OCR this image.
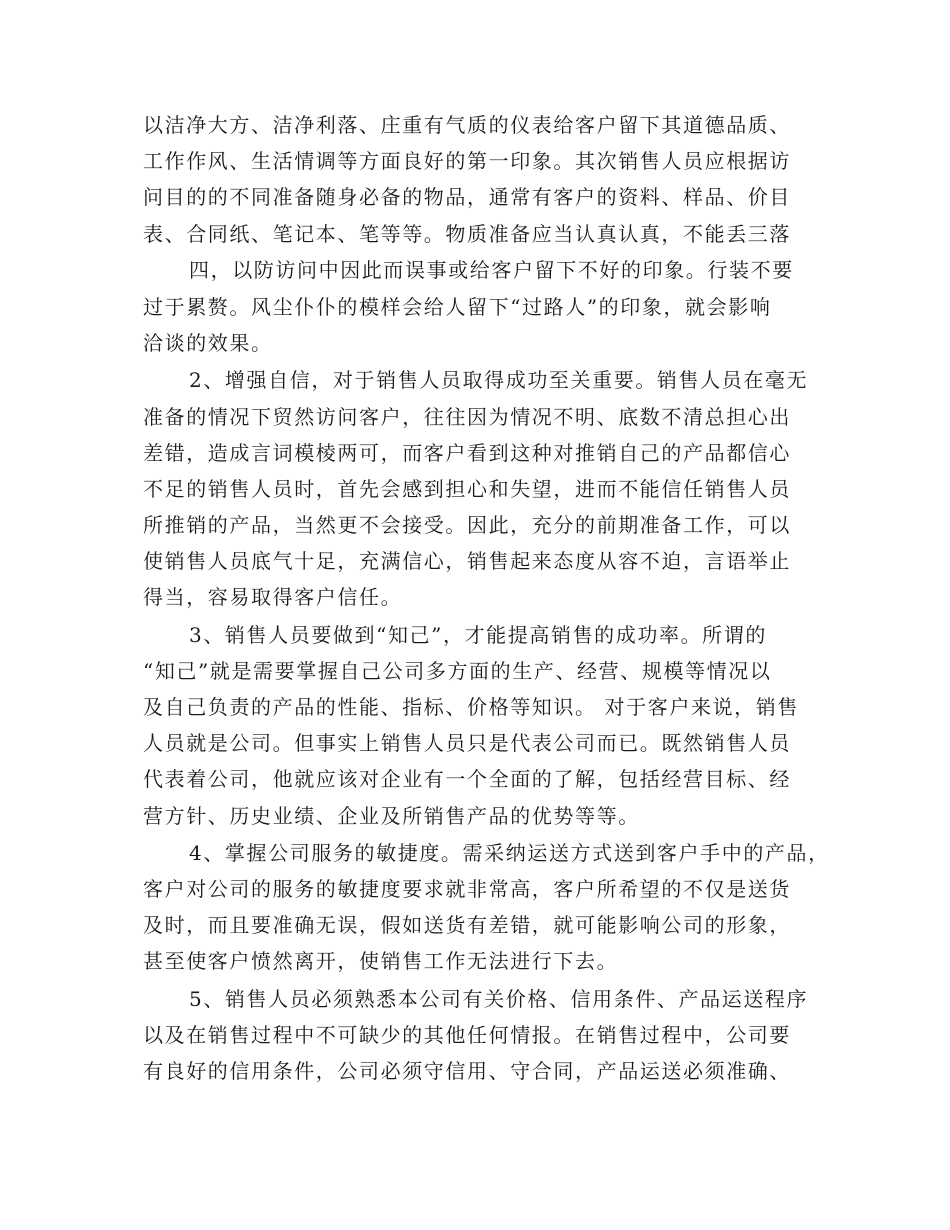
以洁净大方、洁净利落、庄重有气质的仪表给客户留下其道德品质、
工作作风、生活情调等方面良好的第一印象。其次销售人员应根据访
问目的的不同准备随身必备的物品，通常有客户的资料、样品、价目
表、合同纸、笔记本、笔等等。物质准备应当认真认真，不能丢三落
四，以防访问中因此而误事或给客户留下不好的印象。行装不要
过于累赘。风尘仆仆的模样会给人留下“过路人”的印象，就会影响
洽谈的效果。
2、增强自信，对于销售人员取得成功至关重要。销售人员在毫无
准备的情况下贸然访问客户，往往因为情况不明、底数不清总担心出
差错，造成言词模棱两可，而客户看到这种对推销自己的产品都信心
不足的销售人员时，首先会感到担心和失望，进而不能信任销售人员
所推销的产品，当然更不会接受。因此，充分的前期准备工作，可以
使销售人员底气十足，充满信心，销售起来态度从容不迫，言语举止
得当，容易取得客户信任。
3、销售人员要做到“知己”，才能提高销售的成功率。所谓的
“知己”就是需要掌握自己公司多方面的生产、经营、规模等情况以
及自己负责的产品的性能、指标、价格等知识。 对于客户来说，销售
人员就是公司。但事实上销售人员只是代表公司而已。既然销售人员
代表着公司，他就应该对企业有一个全面的了解，包括经营目标、经
营方针、历史业绩、企业及所销售产品的优势等等。
4、掌握公司服务的敏捷度。需采纳运送方式送到客户手中的产品，
客户对公司的服务的敏捷度要求就非常高，客户所希望的不仅是送货
及时，而且要准确无误，假如送货有差错，就可能影响公司的形象，
甚至使客户愤然离开，使销售工作无法进行下去。
5、销售人员必须熟悉本公司有关价格、信用条件、产品运送程序
以及在销售过程中不可缺少的其他任何情报。在销售过程中，公司要
有良好的信用条件，公司必须守信用、守合同，产品运送必须准确、
